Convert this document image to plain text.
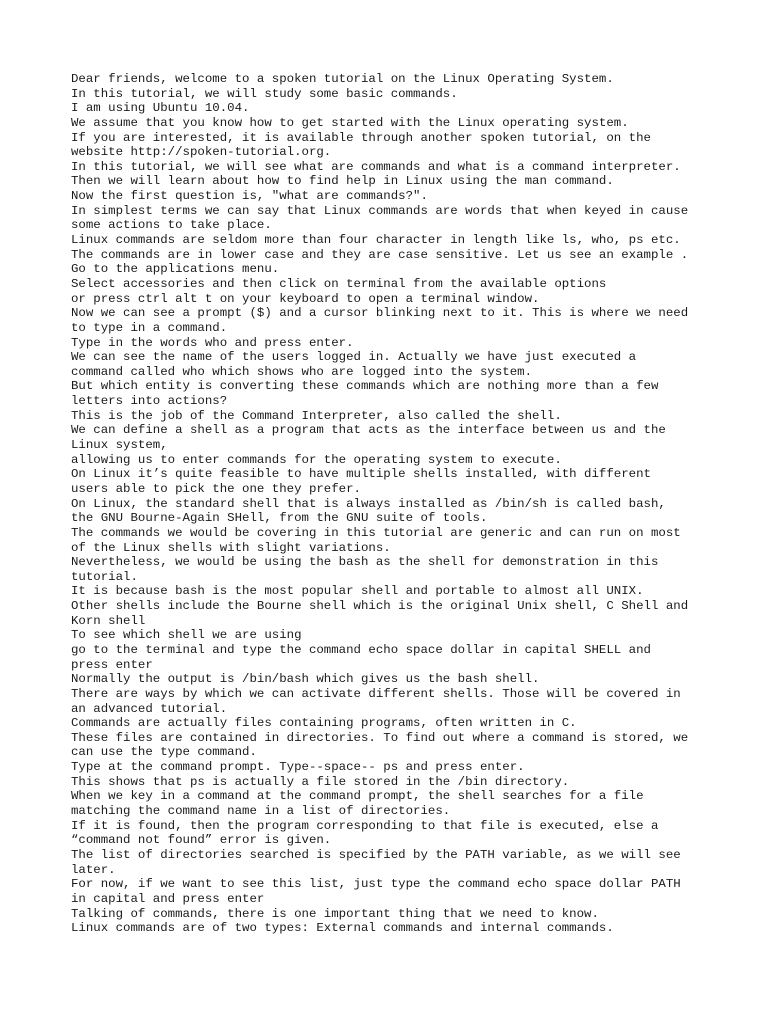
Dear friends, welcome to a spoken tutorial on the Linux Operating System.
In this tutorial, we will study some basic commands.
I am using Ubuntu 10.04.
We assume that you know how to get started with the Linux operating system.
If you are interested, it is available through another spoken tutorial, on the
website http://spoken-tutorial.org.
In this tutorial, we will see what are commands and what is a command interpreter.
Then we will learn about how to find help in Linux using the man command.
Now the first question is, "what are commands?".
In simplest terms we can say that Linux commands are words that when keyed in cause
some actions to take place.
Linux commands are seldom more than four character in length like ls, who, ps etc.
The commands are in lower case and they are case sensitive. Let us see an example .
Go to the applications menu.
Select accessories and then click on terminal from the available options
or press ctrl alt t on your keyboard to open a terminal window.
Now we can see a prompt ($) and a cursor blinking next to it. This is where we need
to type in a command.
Type in the words who and press enter.
We can see the name of the users logged in. Actually we have just executed a
command called who which shows who are logged into the system.
But which entity is converting these commands which are nothing more than a few
letters into actions?
This is the job of the Command Interpreter, also called the shell.
We can define a shell as a program that acts as the interface between us and the
Linux system,
allowing us to enter commands for the operating system to execute.
On Linux it’s quite feasible to have multiple shells installed, with different
users able to pick the one they prefer.
On Linux, the standard shell that is always installed as /bin/sh is called bash,
the GNU Bourne-Again SHell, from the GNU suite of tools.
The commands we would be covering in this tutorial are generic and can run on most
of the Linux shells with slight variations.
Nevertheless, we would be using the bash as the shell for demonstration in this
tutorial.
It is because bash is the most popular shell and portable to almost all UNIX.
Other shells include the Bourne shell which is the original Unix shell, C Shell and
Korn shell
To see which shell we are using
go to the terminal and type the command echo space dollar in capital SHELL and
press enter
Normally the output is /bin/bash which gives us the bash shell.
There are ways by which we can activate different shells. Those will be covered in
an advanced tutorial.
Commands are actually files containing programs, often written in C.
These files are contained in directories. To find out where a command is stored, we
can use the type command.
Type at the command prompt. Type--space-- ps and press enter.
This shows that ps is actually a file stored in the /bin directory.
When we key in a command at the command prompt, the shell searches for a file
matching the command name in a list of directories.
If it is found, then the program corresponding to that file is executed, else a
“command not found” error is given.
The list of directories searched is specified by the PATH variable, as we will see
later.
For now, if we want to see this list, just type the command echo space dollar PATH
in capital and press enter
Talking of commands, there is one important thing that we need to know.
Linux commands are of two types: External commands and internal commands.
